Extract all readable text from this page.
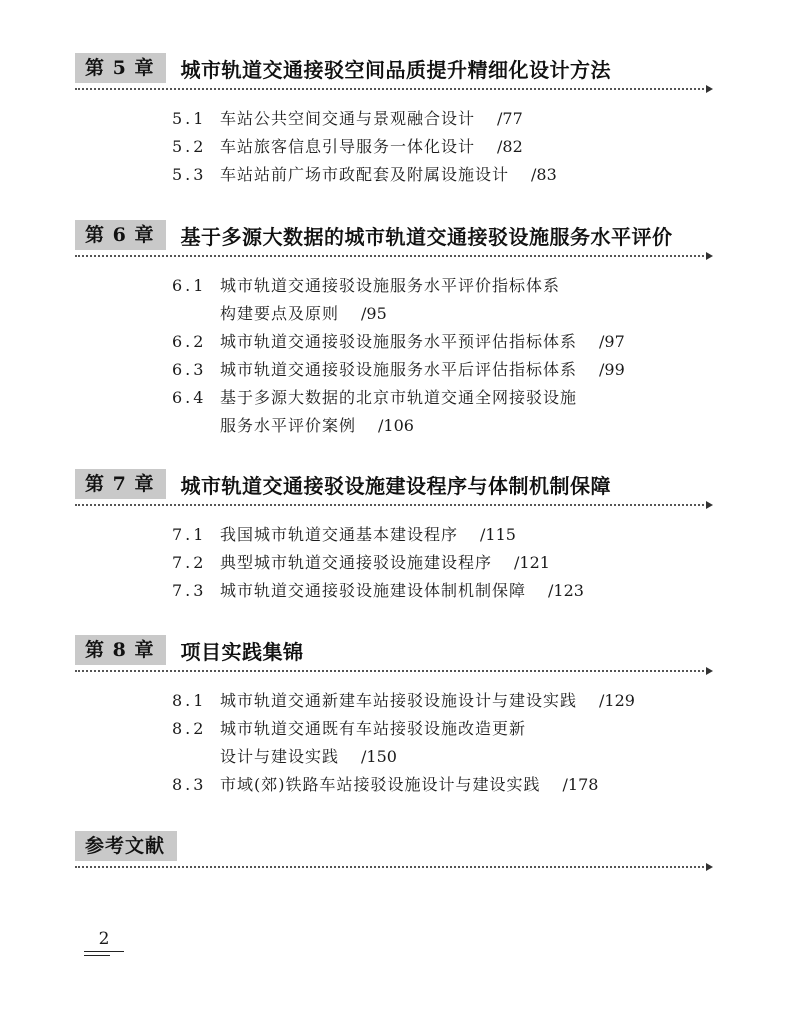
第 5 章	城市轨道交通接驳空间品质提升精细化设计方法
5.1 车站公共空间交通与景观融合设计 /77
5.2 车站旅客信息引导服务一体化设计 /82
5.3 车站站前广场市政配套及附属设施设计 /83
第 6 章	基于多源大数据的城市轨道交通接驳设施服务水平评价
6.1 城市轨道交通接驳设施服务水平评价指标体系
构建要点及原则 /95
6.2 城市轨道交通接驳设施服务水平预评估指标体系 /97
6.3 城市轨道交通接驳设施服务水平后评估指标体系 /99
6.4 基于多源大数据的北京市轨道交通全网接驳设施
服务水平评价案例 /106
第 7 章	城市轨道交通接驳设施建设程序与体制机制保障
7.1 我国城市轨道交通基本建设程序 /115
7.2 典型城市轨道交通接驳设施建设程序 /121
7.3 城市轨道交通接驳设施建设体制机制保障 /123
第 8 章	项目实践集锦
8.1 城市轨道交通新建车站接驳设施设计与建设实践 /129
8.2 城市轨道交通既有车站接驳设施改造更新
设计与建设实践 /150
8.3 市域(郊)铁路车站接驳设施设计与建设实践 /178
参考文献
2
